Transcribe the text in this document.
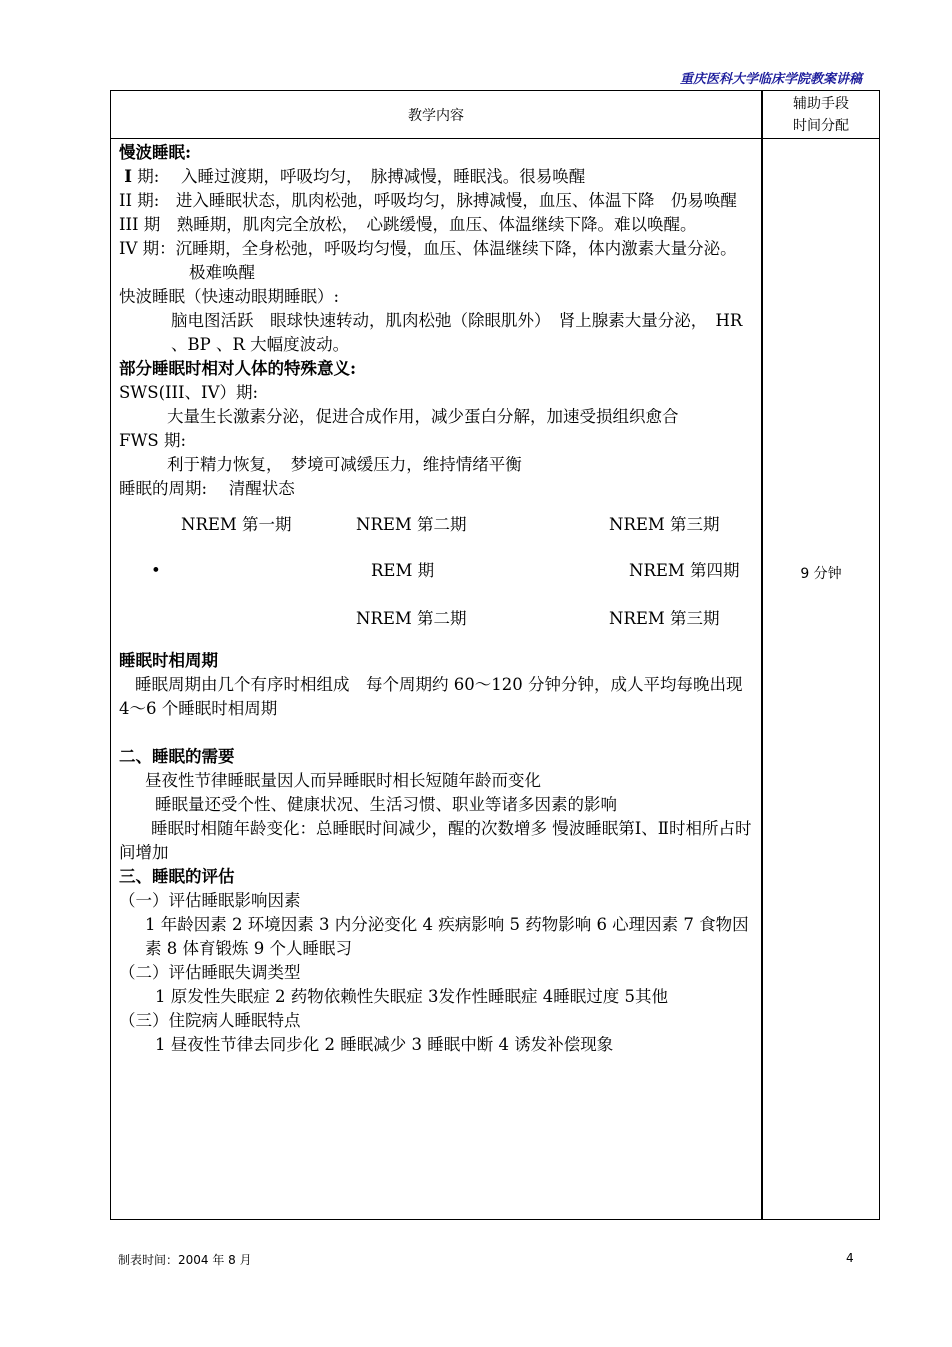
重庆医科大学临床学院教案讲稿
教学内容
辅助手段
时间分配

慢波睡眠:

I 期:　 入睡过渡期，呼吸均匀，　脉搏减慢，睡眠浅。很易唤醒

II 期:　进入睡眠状态，肌肉松弛，呼吸均匀，脉搏减慢，血压、体温下降　仍易唤醒

III 期　熟睡期，肌肉完全放松，　心跳缓慢，血压、体温继续下降。难以唤醒。

IV 期：沉睡期，全身松弛，呼吸均匀慢，血压、体温继续下降，体内激素大量分泌。

极难唤醒

快波睡眠（快速动眼期睡眠）:

脑电图活跃　眼球快速转动，肌肉松弛（除眼肌外）　肾上腺素大量分泌，　HR 、BP 、R 大幅度波动。

部分睡眠时相对人体的特殊意义:

SWS(III、IV）期:

大量生长激素分泌，促进合成作用，减少蛋白分解，加速受损组织愈合

FWS 期:

利于精力恢复，　梦境可减缓压力，维持情绪平衡

睡眠的周期:　 清醒状态

NREM 第一期	NREM 第二期	NREM 第三期
•	REM 期	NREM 第四期
NREM 第二期	NREM 第三期

睡眠时相周期

睡眠周期由几个有序时相组成　每个周期约 60～120 分钟分钟，成人平均每晚出现 4～6 个睡眠时相周期

二、睡眠的需要

昼夜性节律睡眠量因人而异睡眠时相长短随年龄而变化

睡眠量还受个性、健康状况、生活习惯、职业等诸多因素的影响

睡眠时相随年龄变化：总睡眠时间减少，醒的次数增多 慢波睡眠第Ⅰ、Ⅱ时相所占时间增加

三、睡眠的评估

（一）评估睡眠影响因素

1 年龄因素 2 环境因素 3 内分泌变化 4 疾病影响 5 药物影响 6 心理因素 7 食物因素 8 体育锻炼 9 个人睡眠习

（二）评估睡眠失调类型

1 原发性失眠症 2 药物依赖性失眠症 3发作性睡眠症 4睡眠过度 5其他

（三）住院病人睡眠特点

1 昼夜性节律去同步化 2 睡眠减少 3 睡眠中断 4 诱发补偿现象

9 分钟
制表时间：2004 年 8 月	4
